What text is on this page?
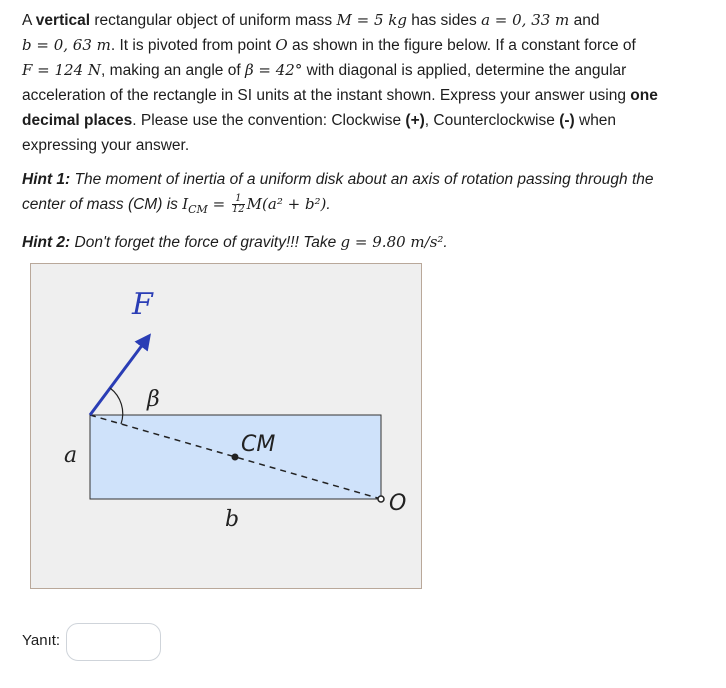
A vertical rectangular object of uniform mass M = 5 kg has sides a = 0, 33 m and
b = 0, 63 m. It is pivoted from point O as shown in the figure below. If a constant force of
F = 124 N, making an angle of β = 42° with diagonal is applied, determine the angular acceleration of the rectangle in SI units at the instant shown. Express your answer using one decimal places. Please use the convention: Clockwise (+), Counterclockwise (-) when expressing your answer.

Hint 1: The moment of inertia of a uniform disk about an axis of rotation passing through the center of mass (CM) is $I_{CM} = \frac{1}{12} M(a^2 + b^2)$.

Hint 2: Don't forget the force of gravity!!! Take g = 9.80 m/s².

F
β
CM
a
b
O
Yanıt:
